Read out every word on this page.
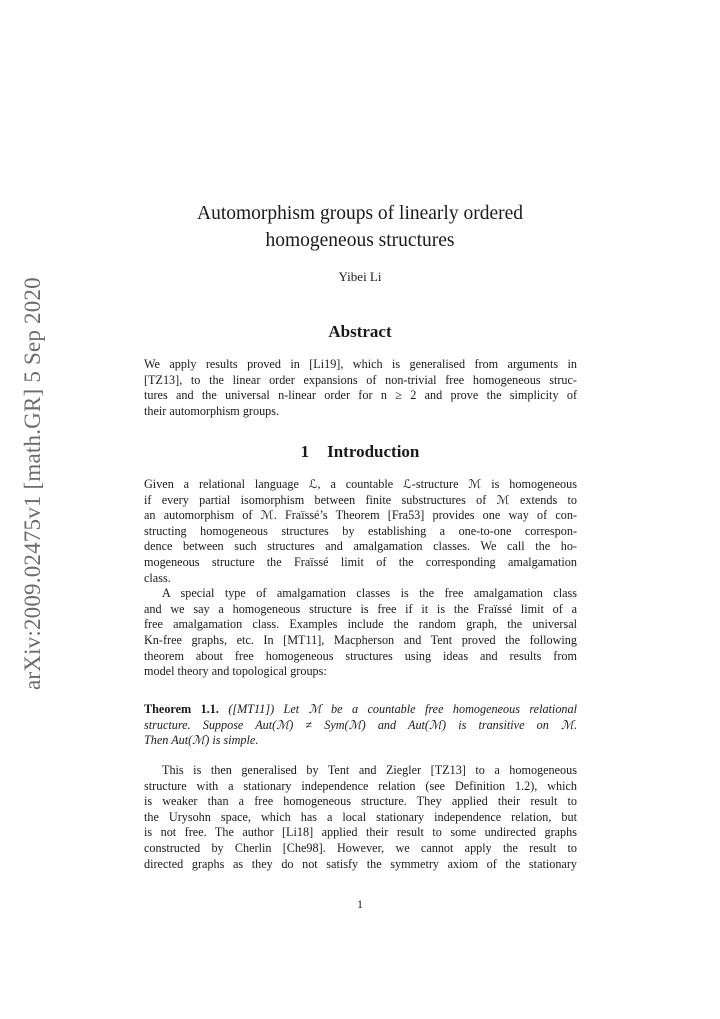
arXiv:2009.02475v1 [math.GR] 5 Sep 2020
Automorphism groups of linearly ordered
homogeneous structures
Yibei Li
Abstract
We apply results proved in [Li19], which is generalised from arguments in
[TZ13], to the linear order expansions of non-trivial free homogeneous struc-
tures and the universal n-linear order for n ≥ 2 and prove the simplicity of
their automorphism groups.
1 Introduction
Given a relational language ℒ, a countable ℒ-structure ℳ is homogeneous
if every partial isomorphism between finite substructures of ℳ extends to
an automorphism of ℳ. Fraïssé’s Theorem [Fra53] provides one way of con-
structing homogeneous structures by establishing a one-to-one correspon-
dence between such structures and amalgamation classes. We call the ho-
mogeneous structure the Fraïssé limit of the corresponding amalgamation
class.
A special type of amalgamation classes is the free amalgamation class
and we say a homogeneous structure is free if it is the Fraïssé limit of a
free amalgamation class. Examples include the random graph, the universal
Kn-free graphs, etc. In [MT11], Macpherson and Tent proved the following
theorem about free homogeneous structures using ideas and results from
model theory and topological groups:
Theorem 1.1. ([MT11]) Let ℳ be a countable free homogeneous relational
structure. Suppose Aut(ℳ) ≠ Sym(ℳ) and Aut(ℳ) is transitive on ℳ.
Then Aut(ℳ) is simple.
This is then generalised by Tent and Ziegler [TZ13] to a homogeneous
structure with a stationary independence relation (see Definition 1.2), which
is weaker than a free homogeneous structure. They applied their result to
the Urysohn space, which has a local stationary independence relation, but
is not free. The author [Li18] applied their result to some undirected graphs
constructed by Cherlin [Che98]. However, we cannot apply the result to
directed graphs as they do not satisfy the symmetry axiom of the stationary
1
